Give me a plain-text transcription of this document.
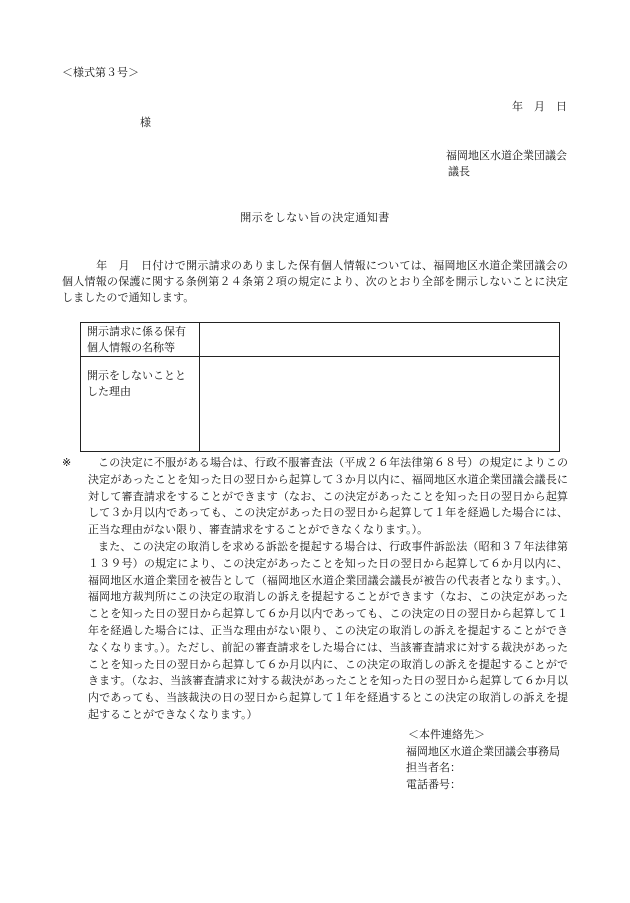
＜様式第３号＞
年　月　日
様
福岡地区水道企業団議会
議長
開示をしない旨の決定通知書
年　月　日付けで開示請求のありました保有個人情報については、福岡地区水道企業団議会の個人情報の保護に関する条例第２４条第２項の規定により、次のとおり全部を開示しないことに決定しましたので通知します。
開示請求に係る保有個人情報の名称等	
開示をしないこととした理由	
※	この決定に不服がある場合は、行政不服審査法（平成２６年法律第６８号）の規定によりこの決定があったことを知った日の翌日から起算して３か月以内に、福岡地区水道企業団議会議長に対して審査請求をすることができます（なお、この決定があったことを知った日の翌日から起算して３か月以内であっても、この決定があった日の翌日から起算して１年を経過した場合には、正当な理由がない限り、審査請求をすることができなくなります。）。

また、この決定の取消しを求める訴訟を提起する場合は、行政事件訴訟法（昭和３７年法律第１３９号）の規定により、この決定があったことを知った日の翌日から起算して６か月以内に、福岡地区水道企業団を被告として（福岡地区水道企業団議会議長が被告の代表者となります。）、福岡地方裁判所にこの決定の取消しの訴えを提起することができます（なお、この決定があったことを知った日の翌日から起算して６か月以内であっても、この決定の日の翌日から起算して１年を経過した場合には、正当な理由がない限り、この決定の取消しの訴えを提起することができなくなります。）。ただし、前記の審査請求をした場合には、当該審査請求に対する裁決があったことを知った日の翌日から起算して６か月以内に、この決定の取消しの訴えを提起することができます。（なお、当該審査請求に対する裁決があったことを知った日の翌日から起算して６か月以内であっても、当該裁決の日の翌日から起算して１年を経過するとこの決定の取消しの訴えを提起することができなくなります。）

＜本件連絡先＞
福岡地区水道企業団議会事務局
担当者名：
電話番号：
